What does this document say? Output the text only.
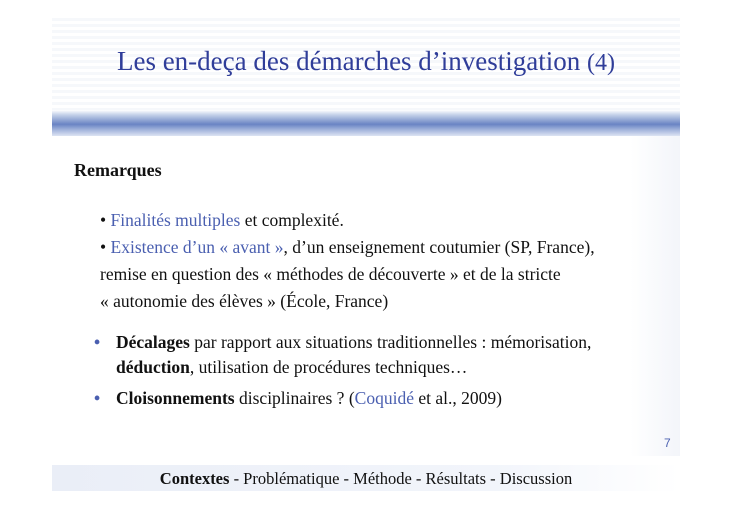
Les en-deça des démarches d’investigation (4)
Remarques
• Finalités multiples et complexité.
• Existence d’un « avant », d’un enseignement coutumier (SP, France),
remise en question des « méthodes de découverte » et de la stricte
« autonomie des élèves » (École, France)
• Décalages par rapport aux situations traditionnelles : mémorisation,
déduction, utilisation de procédures techniques…
• Cloisonnements disciplinaires ? (Coquidé et al., 2009)
7
Contextes - Problématique - Méthode - Résultats - Discussion
